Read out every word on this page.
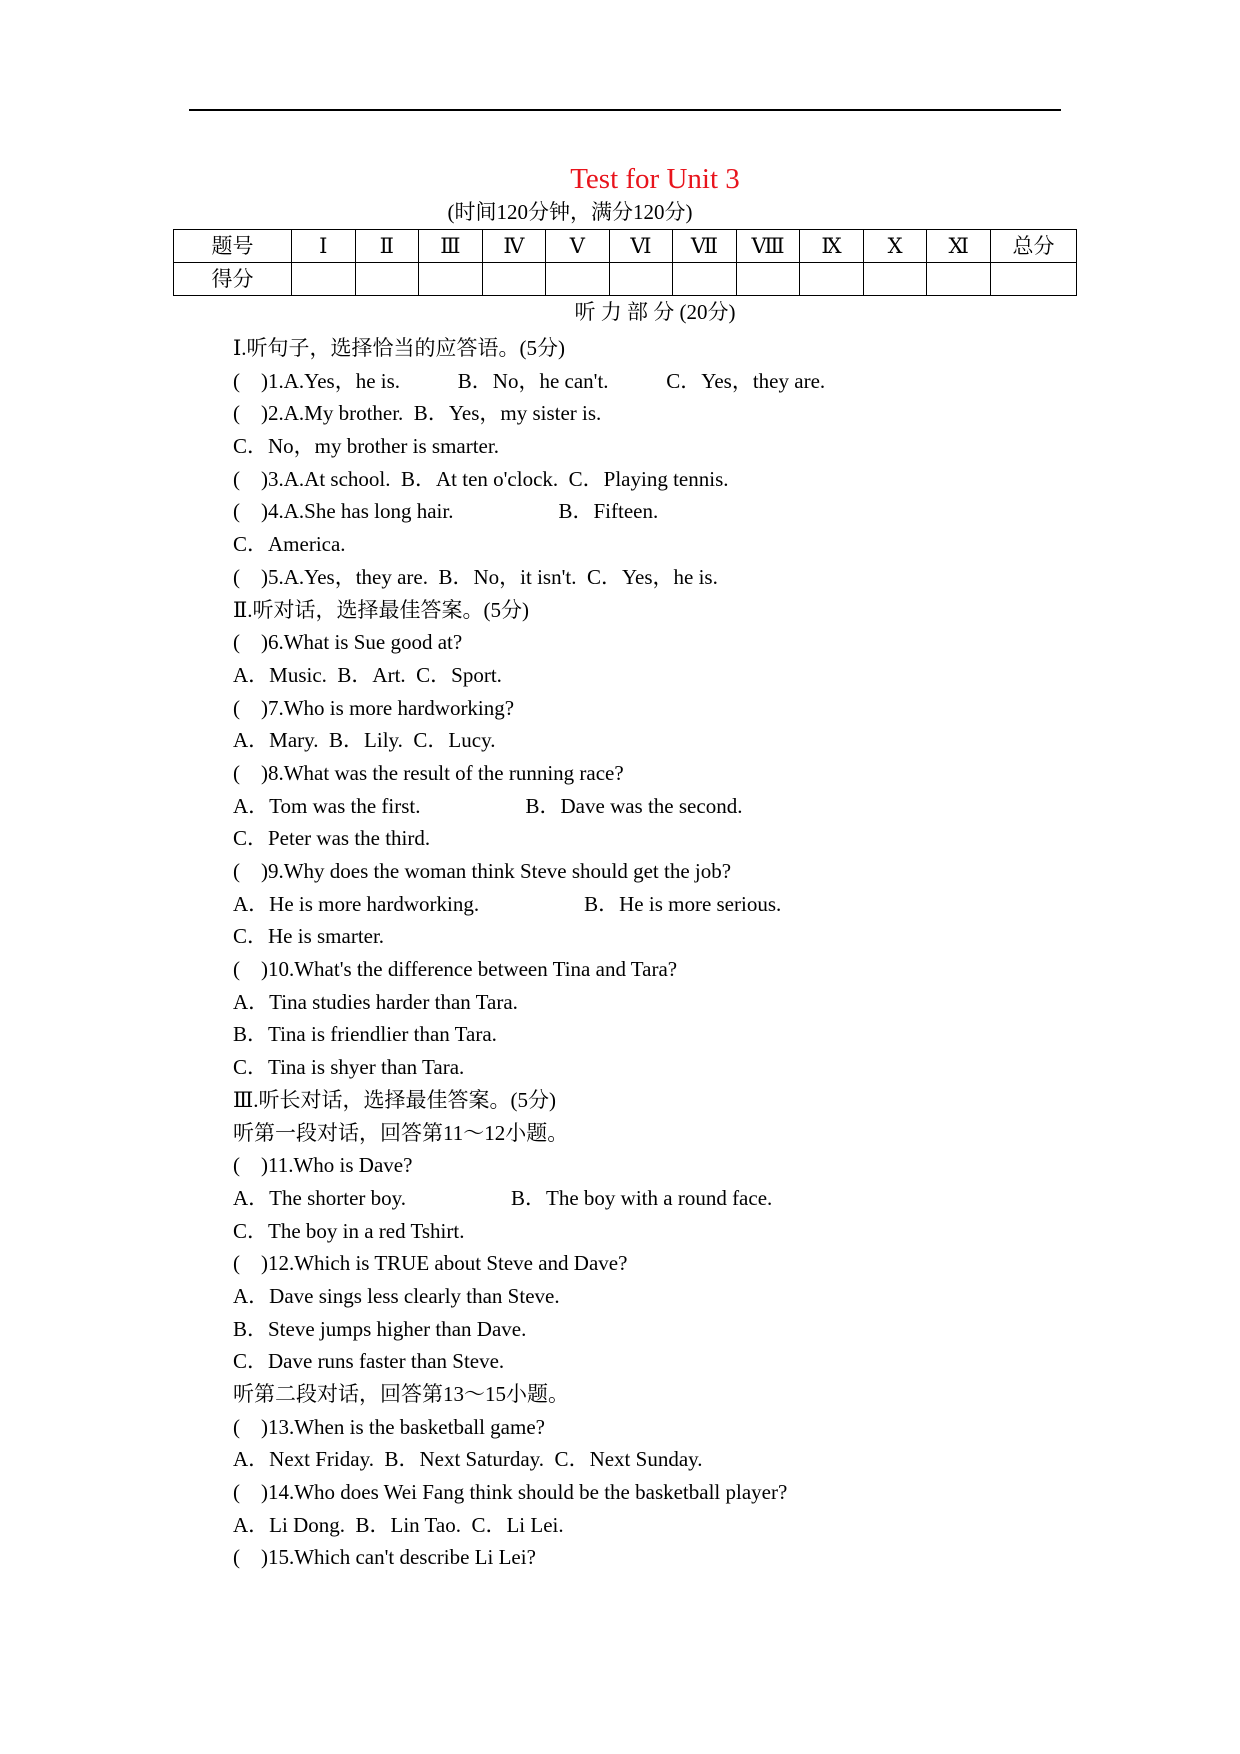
Test for Unit 3
(时间120分钟，满分120分)
题号	Ⅰ	Ⅱ	Ⅲ	Ⅳ	Ⅴ	Ⅵ	Ⅶ	Ⅷ	Ⅸ	Ⅹ	Ⅺ	总分
得分												
听 力 部 分 (20分)
Ⅰ.听句子，选择恰当的应答语。(5分)
(　)1.A.Yes，he is.           B．No，he can't.           C．Yes，they are.
(　)2.A.My brother.  B．Yes，my sister is.
C．No，my brother is smarter.
(　)3.A.At school.  B．At ten o'clock.  C．Playing tennis.
(　)4.A.She has long hair.                    B．Fifteen.
C．America.
(　)5.A.Yes，they are.  B．No，it isn't.  C．Yes，he is.
Ⅱ.听对话，选择最佳答案。(5分)
(　)6.What is Sue good at?
A．Music.  B．Art.  C．Sport.
(　)7.Who is more hardworking?
A．Mary.  B．Lily.  C．Lucy.
(　)8.What was the result of the running race?
A．Tom was the first.                    B．Dave was the second.
C．Peter was the third.
(　)9.Why does the woman think Steve should get the job?
A．He is more hardworking.                    B．He is more serious.
C．He is smarter.
(　)10.What's the difference between Tina and Tara?
A．Tina studies harder than Tara.
B．Tina is friendlier than Tara.
C．Tina is shyer than Tara.
Ⅲ.听长对话，选择最佳答案。(5分)
听第一段对话，回答第11～12小题。
(　)11.Who is Dave?
A．The shorter boy.                    B．The boy with a round face.
C．The boy in a red Tshirt.
(　)12.Which is TRUE about Steve and Dave?
A．Dave sings less clearly than Steve.
B．Steve jumps higher than Dave.
C．Dave runs faster than Steve.
听第二段对话，回答第13～15小题。
(　)13.When is the basketball game?
A．Next Friday.  B．Next Saturday.  C．Next Sunday.
(　)14.Who does Wei Fang think should be the basketball player?
A．Li Dong.  B．Lin Tao.  C．Li Lei.
(　)15.Which can't describe Li Lei?
